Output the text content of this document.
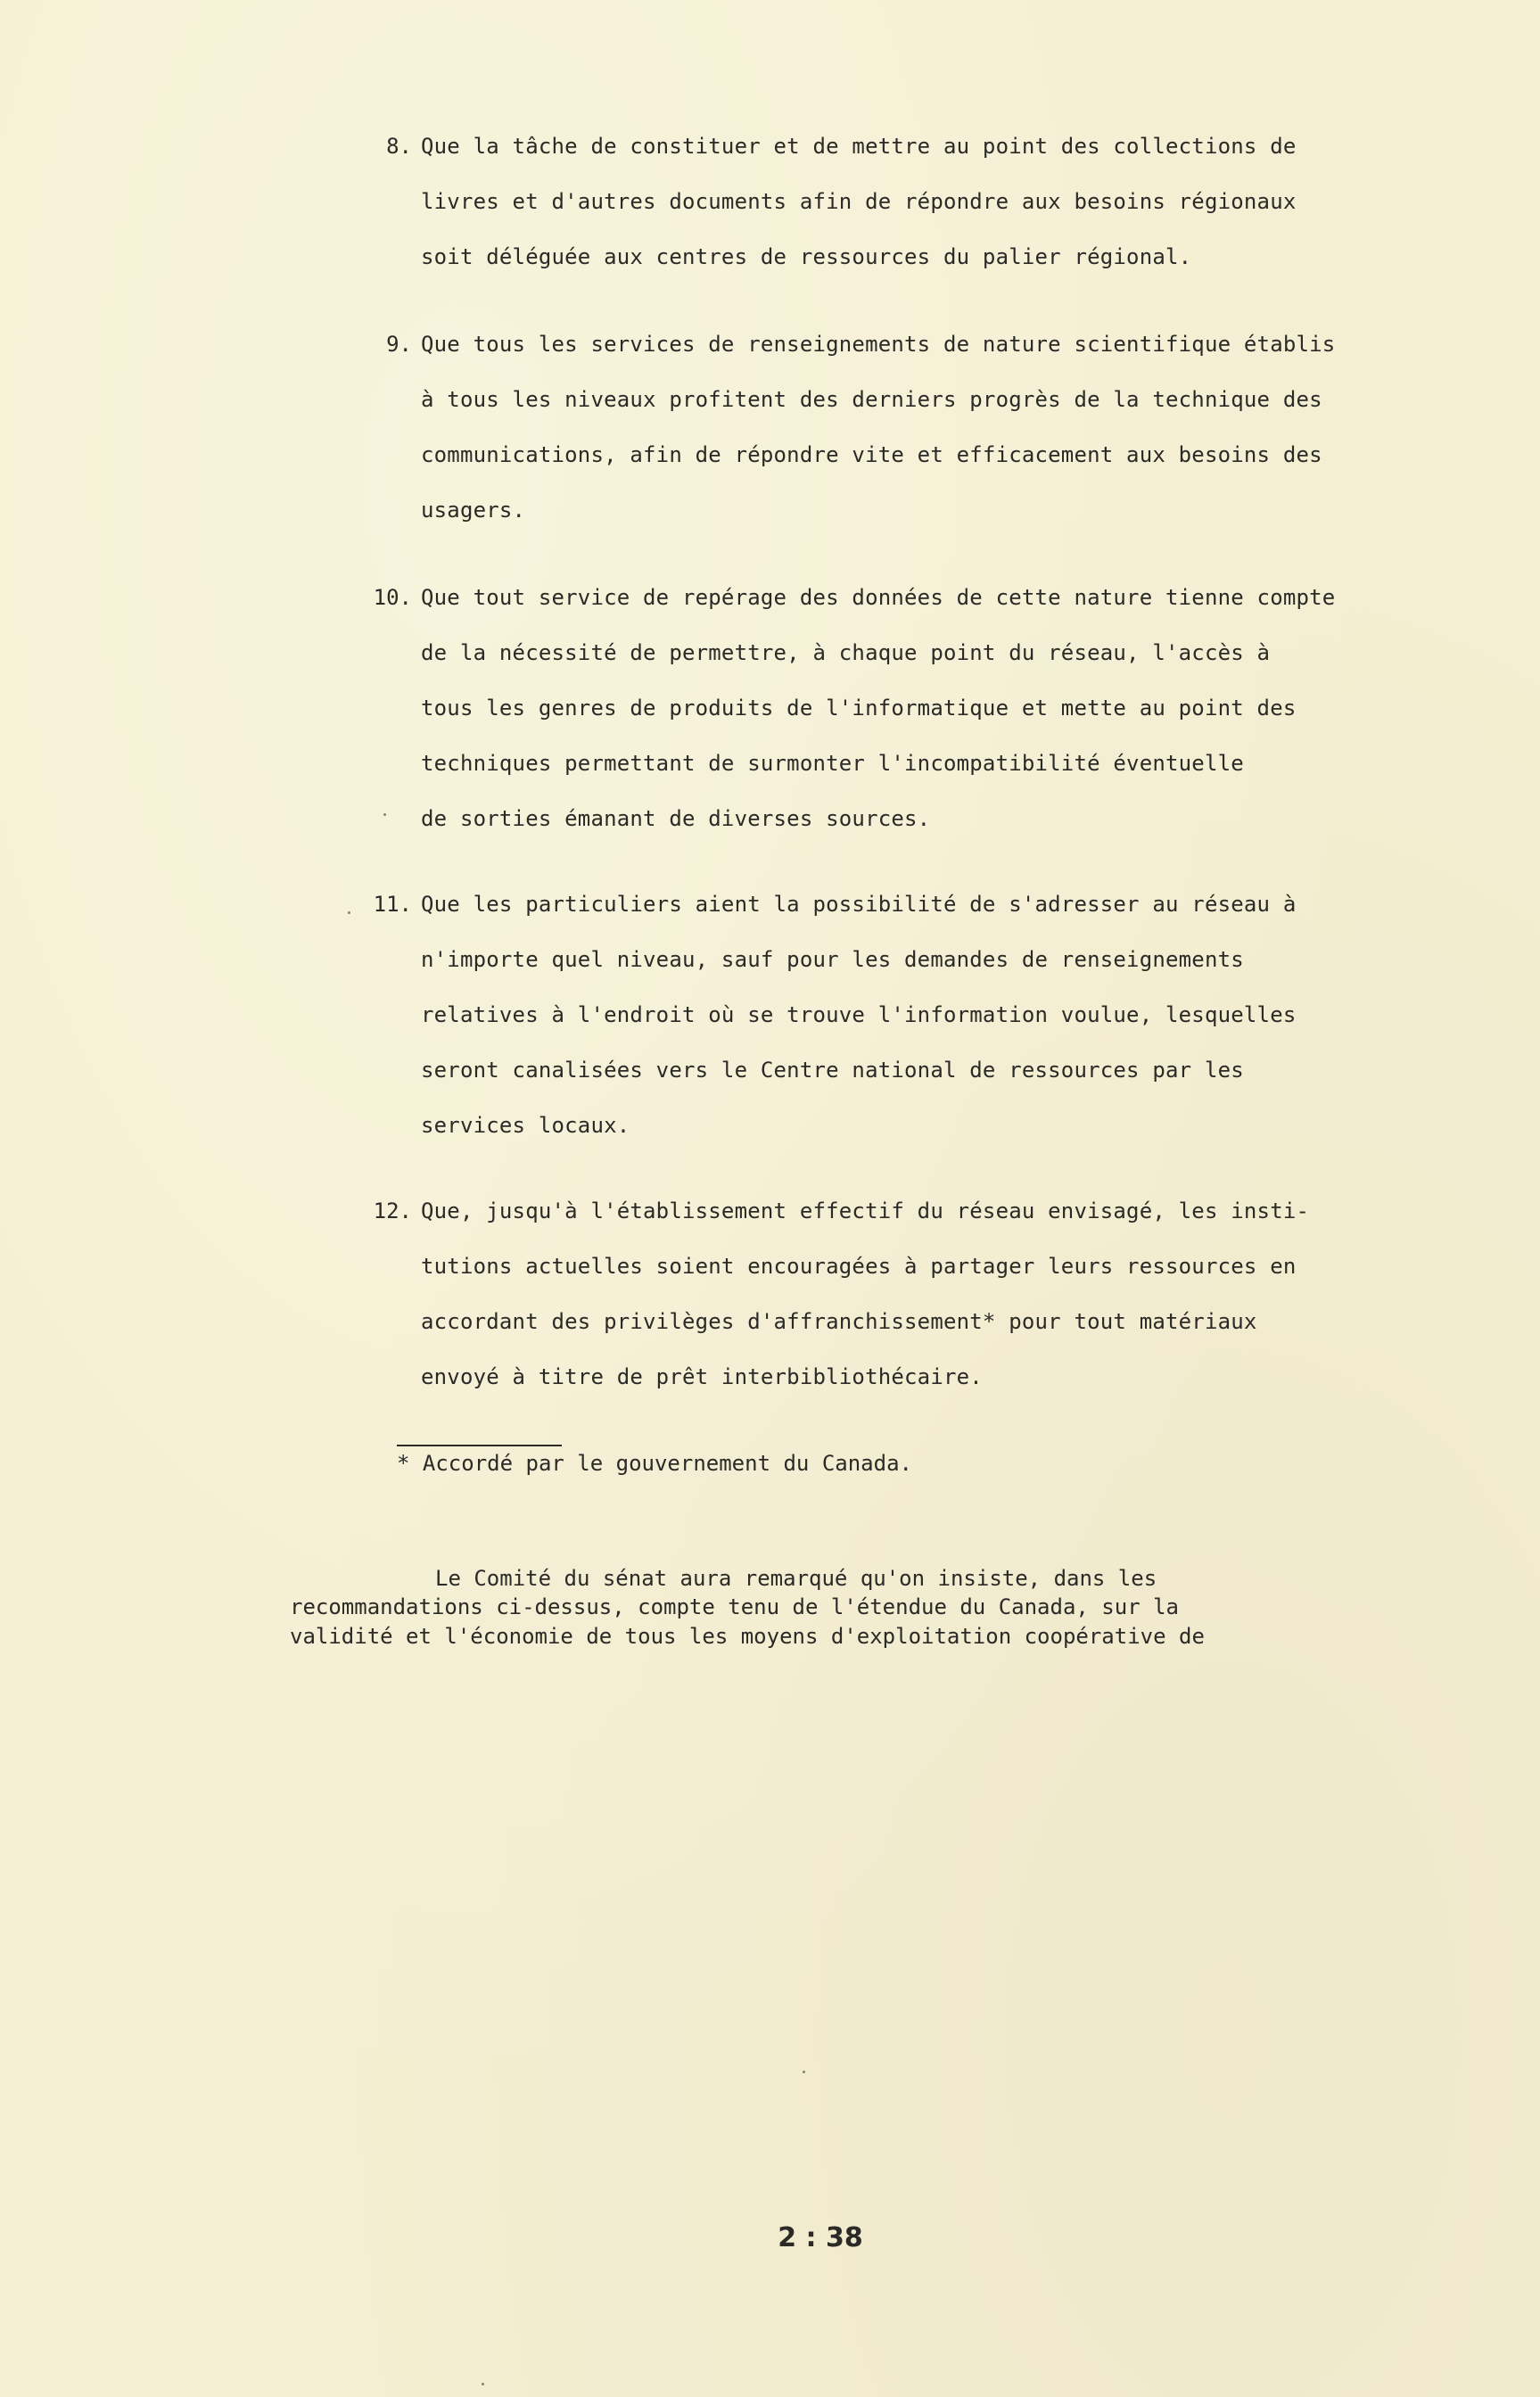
8. Que la tâche de constituer et de mettre au point des collections de
livres et d'autres documents afin de répondre aux besoins régionaux
soit déléguée aux centres de ressources du palier régional.
9. Que tous les services de renseignements de nature scientifique établis
à tous les niveaux profitent des derniers progrès de la technique des
communications, afin de répondre vite et efficacement aux besoins des
usagers.
10. Que tout service de repérage des données de cette nature tienne compte
de la nécessité de permettre, à chaque point du réseau, l'accès à
tous les genres de produits de l'informatique et mette au point des
techniques permettant de surmonter l'incompatibilité éventuelle
de sorties émanant de diverses sources.
11. Que les particuliers aient la possibilité de s'adresser au réseau à
n'importe quel niveau, sauf pour les demandes de renseignements
relatives à l'endroit où se trouve l'information voulue, lesquelles
seront canalisées vers le Centre national de ressources par les
services locaux.
12. Que, jusqu'à l'établissement effectif du réseau envisagé, les insti-
tutions actuelles soient encouragées à partager leurs ressources en
accordant des privilèges d'affranchissement* pour tout matériaux
envoyé à titre de prêt interbibliothécaire.
* Accordé par le gouvernement du Canada.
Le Comité du sénat aura remarqué qu'on insiste, dans les
recommandations ci-dessus, compte tenu de l'étendue du Canada, sur la
validité et l'économie de tous les moyens d'exploitation coopérative de
2 : 38
